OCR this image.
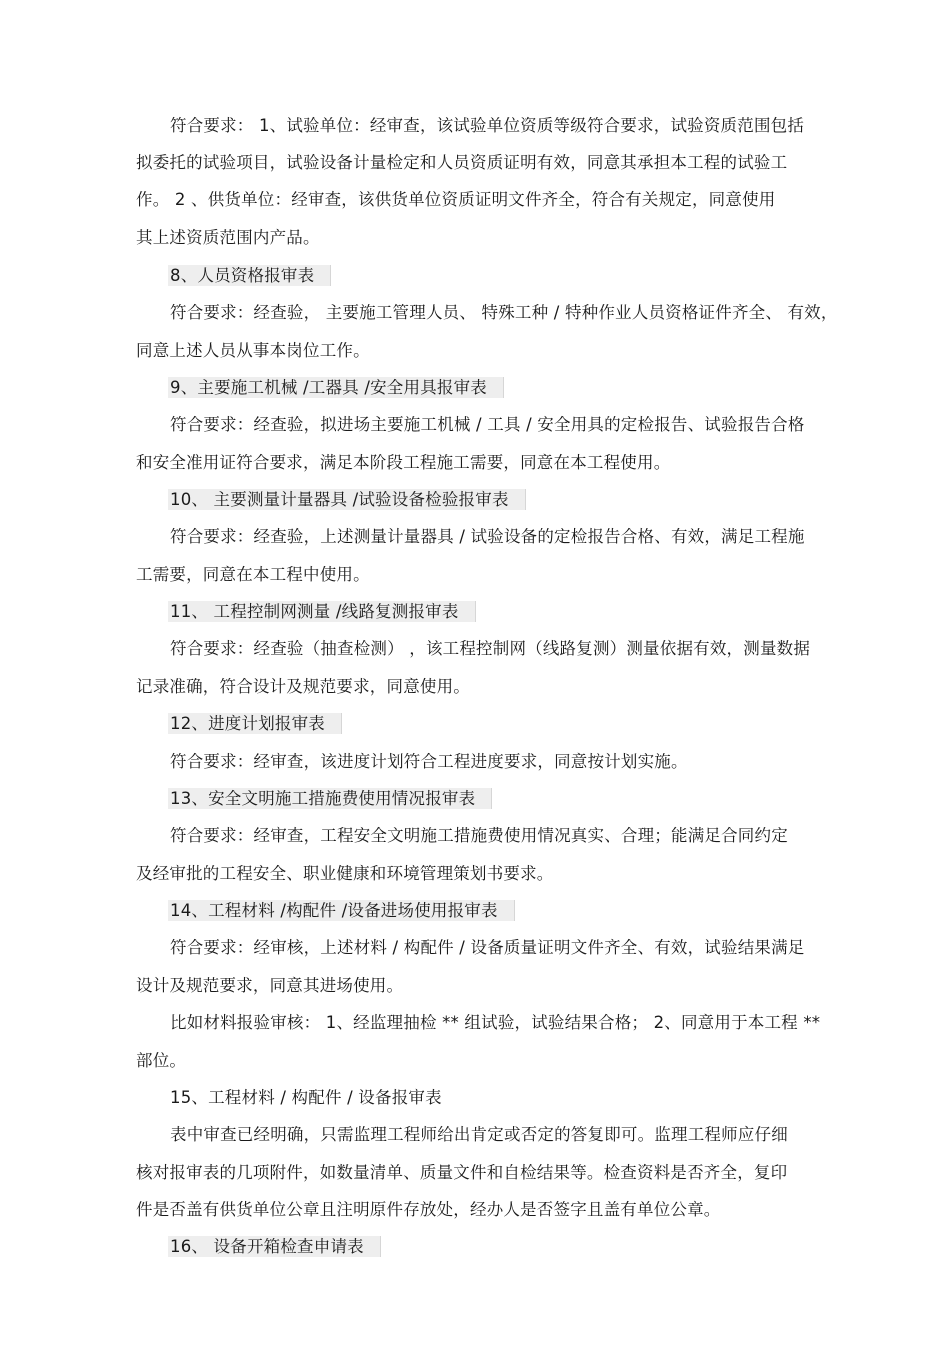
符合要求： 1、试验单位：经审查，该试验单位资质等级符合要求，试验资质范围包括
拟委托的试验项目，试验设备计量检定和人员资质证明有效，同意其承担本工程的试验工
作。 2 、供货单位：经审查，该供货单位资质证明文件齐全，符合有关规定，同意使用
其上述资质范围内产品。
8、人员资格报审表
符合要求：经查验， 主要施工管理人员、 特殊工种 / 特种作业人员资格证件齐全、 有效，
同意上述人员从事本岗位工作。
9、主要施工机械 /工器具 /安全用具报审表
符合要求：经查验，拟进场主要施工机械 / 工具 / 安全用具的定检报告、试验报告合格
和安全准用证符合要求，满足本阶段工程施工需要，同意在本工程使用。
10、 主要测量计量器具 /试验设备检验报审表
符合要求：经查验，上述测量计量器具 / 试验设备的定检报告合格、有效，满足工程施
工需要，同意在本工程中使用。
11、 工程控制网测量 /线路复测报审表
符合要求：经查验（抽查检测） ，该工程控制网（线路复测）测量依据有效，测量数据
记录准确，符合设计及规范要求，同意使用。
12、进度计划报审表
符合要求：经审查，该进度计划符合工程进度要求，同意按计划实施。
13、安全文明施工措施费使用情况报审表
符合要求：经审查，工程安全文明施工措施费使用情况真实、合理；能满足合同约定
及经审批的工程安全、职业健康和环境管理策划书要求。
14、工程材料 /构配件 /设备进场使用报审表
符合要求：经审核，上述材料 / 构配件 / 设备质量证明文件齐全、有效，试验结果满足
设计及规范要求，同意其进场使用。
比如材料报验审核： 1、经监理抽检 ** 组试验，试验结果合格； 2、同意用于本工程 **
部位。
15、工程材料 / 构配件 / 设备报审表
表中审查已经明确，只需监理工程师给出肯定或否定的答复即可。监理工程师应仔细
核对报审表的几项附件，如数量清单、质量文件和自检结果等。检查资料是否齐全，复印
件是否盖有供货单位公章且注明原件存放处，经办人是否签字且盖有单位公章。
16、 设备开箱检查申请表
